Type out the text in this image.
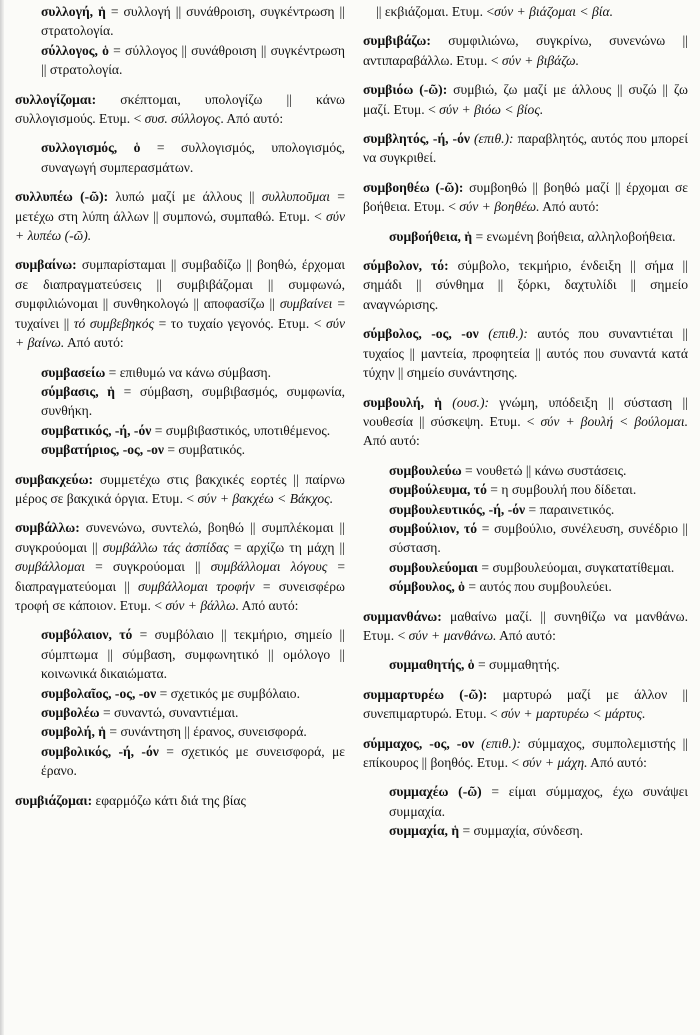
συλλογή, ἡ = συλλογή || συνάθροιση, συγκέντρωση || στρατολογία.

σύλλογος, ὁ = σύλλογος || συνάθροιση || συγκέντρωση || στρατολογία.

συλλογίζομαι: σκέπτομαι, υπολογίζω || κάνω συλλογισμούς. Ετυμ. < συσ. σύλλογος. Από αυτό:

συλλογισμός, ὁ = συλλογισμός, υπολογισμός, συναγωγή συμπερασμάτων.

συλλυπέω (-ῶ): λυπώ μαζί με άλλους || συλλυποῦμαι = μετέχω στη λύπη άλλων || συμπονώ, συμπαθώ. Ετυμ. < σύν + λυπέω (-ῶ).

συμβαίνω: συμπαρίσταμαι || συμβαδίζω || βοηθώ, έρχομαι σε διαπραγματεύσεις || συμβιβάζομαι || συμφωνώ, συμφιλιώνομαι || συνθηκολογώ || αποφασίζω || συμβαίνει = τυχαίνει || τό συμβεβηκός = το τυχαίο γεγονός. Ετυμ. < σύν + βαίνω. Από αυτό:

συμβασείω = επιθυμώ να κάνω σύμβαση.

σύμβασις, ἡ = σύμβαση, συμβιβασμός, συμφωνία, συνθήκη.

συμβατικός, -ή, -όν = συμβιβαστικός, υποτιθέμενος.

συμβατήριος, -ος, -ον = συμβατικός.

συμβακχεύω: συμμετέχω στις βακχικές εορτές || παίρνω μέρος σε βακχικά όργια. Ετυμ. < σύν + βακχέω < Βάκχος.

συμβάλλω: συνενώνω, συντελώ, βοηθώ || συμπλέκομαι || συγκρούομαι || συμβάλλω τάς ἀσπίδας = αρχίζω τη μάχη || συμβάλλομαι = συγκρούομαι || συμβάλλομαι λόγους = διαπραγματεύομαι || συμβάλλομαι τροφήν = συνεισφέρω τροφή σε κάποιον. Ετυμ. < σύν + βάλλω. Από αυτό:

συμβόλαιον, τό = συμβόλαιο || τεκμήριο, σημείο || σύμπτωμα || σύμβαση, συμφωνητικό || ομόλογο || κοινωνικά δικαιώματα.

συμβολαῖος, -ος, -ον = σχετικός με συμβόλαιο.

συμβολέω = συναντώ, συναντιέμαι.

συμβολή, ἡ = συνάντηση || έρανος, συνεισφορά.

συμβολικός, -ή, -όν = σχετικός με συνεισφορά, με έρανο.

συμβιάζομαι: εφαρμόζω κάτι διά της βίας

|| εκβιάζομαι. Ετυμ. <σύν + βιάζομαι < βία.

συμβιβάζω: συμφιλιώνω, συγκρίνω, συνενώνω || αντιπαραβάλλω. Ετυμ. < σύν + βιβάζω.

συμβιόω (-ῶ): συμβιώ, ζω μαζί με άλλους || συζώ || ζω μαζί. Ετυμ. < σύν + βιόω < βίος.

συμβλητός, -ή, -όν (επιθ.): παραβλητός, αυτός που μπορεί να συγκριθεί.

συμβοηθέω (-ῶ): συμβοηθώ || βοηθώ μαζί || έρχομαι σε βοήθεια. Ετυμ. < σύν + βοηθέω. Από αυτό:

συμβοήθεια, ἡ = ενωμένη βοήθεια, αλληλοβοήθεια.

σύμβολον, τό: σύμβολο, τεκμήριο, ένδειξη || σήμα || σημάδι || σύνθημα || ξόρκι, δαχτυλίδι || σημείο αναγνώρισης.

σύμβολος, -ος, -ον (επιθ.): αυτός που συναντιέται || τυχαίος || μαντεία, προφητεία || αυτός που συναντά κατά τύχην || σημείο συνάντησης.

συμβουλή, ἡ (ουσ.): γνώμη, υπόδειξη || σύσταση || νουθεσία || σύσκεψη. Ετυμ. < σύν + βουλή < βούλομαι. Από αυτό:

συμβουλεύω = νουθετώ || κάνω συστάσεις.

συμβούλευμα, τό = η συμβουλή που δίδεται.

συμβουλευτικός, -ή, -όν = παραινετικός.

συμβούλιον, τό = συμβούλιο, συνέλευση, συνέδριο || σύσταση.

συμβουλεύομαι = συμβουλεύομαι, συγκατατίθεμαι.

σύμβουλος, ὁ = αυτός που συμβουλεύει.

συμμανθάνω: μαθαίνω μαζί. || συνηθίζω να μανθάνω. Ετυμ. < σύν + μανθάνω. Από αυτό:

συμμαθητής, ὁ = συμμαθητής.

συμμαρτυρέω (-ῶ): μαρτυρώ μαζί με άλλον || συνεπιμαρτυρώ. Ετυμ. < σύν + μαρτυρέω < μάρτυς.

σύμμαχος, -ος, -ον (επιθ.): σύμμαχος, συμπολεμιστής || επίκουρος || βοηθός. Ετυμ. < σύν + μάχη. Από αυτό:

συμμαχέω (-ῶ) = είμαι σύμμαχος, έχω συνάψει συμμαχία.

συμμαχία, ἡ = συμμαχία, σύνδεση.
